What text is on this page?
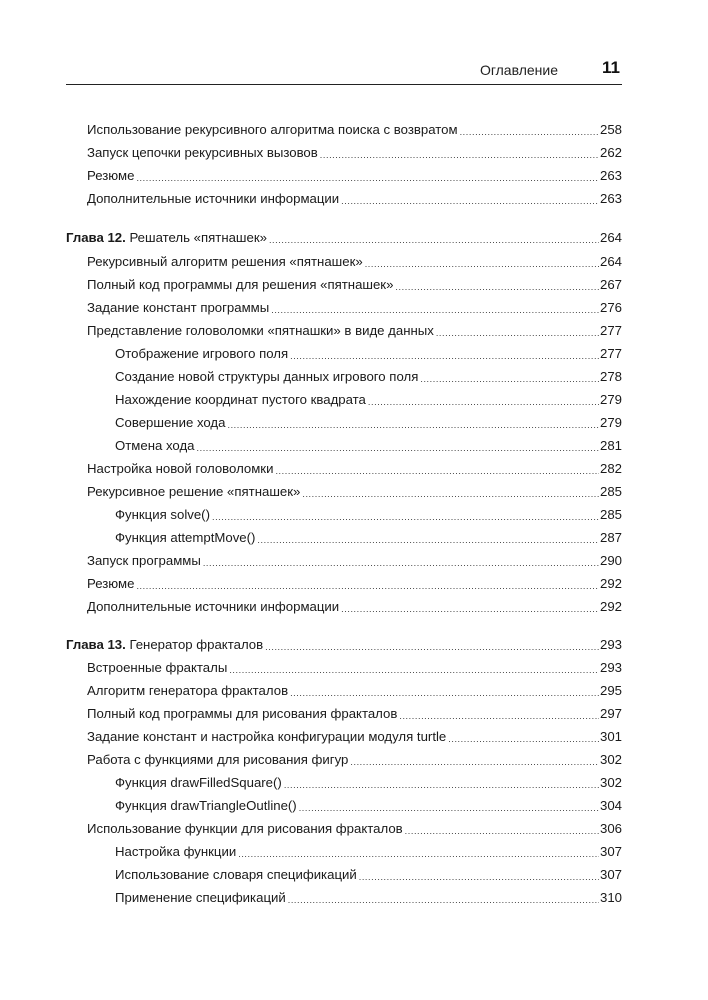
Оглавление	11
Использование рекурсивного алгоритма поиска с возвратом .....	258
Запуск цепочки рекурсивных вызовов .....	262
Резюме .....	263
Дополнительные источники информации .....	263
Глава 12. Решатель «пятнашек» .....	264
Рекурсивный алгоритм решения «пятнашек» .....	264
Полный код программы для решения «пятнашек» .....	267
Задание констант программы .....	276
Представление головоломки «пятнашки» в виде данных .....	277
Отображение игрового поля .....	277
Создание новой структуры данных игрового поля .....	278
Нахождение координат пустого квадрата .....	279
Совершение хода .....	279
Отмена хода .....	281
Настройка новой головоломки .....	282
Рекурсивное решение «пятнашек» .....	285
Функция solve() .....	285
Функция attemptMove() .....	287
Запуск программы .....	290
Резюме .....	292
Дополнительные источники информации .....	292
Глава 13. Генератор фракталов .....	293
Встроенные фракталы .....	293
Алгоритм генератора фракталов .....	295
Полный код программы для рисования фракталов .....	297
Задание констант и настройка конфигурации модуля turtle .....	301
Работа с функциями для рисования фигур .....	302
Функция drawFilledSquare() .....	302
Функция drawTriangleOutline() .....	304
Использование функции для рисования фракталов .....	306
Настройка функции .....	307
Использование словаря спецификаций .....	307
Применение спецификаций .....	310
